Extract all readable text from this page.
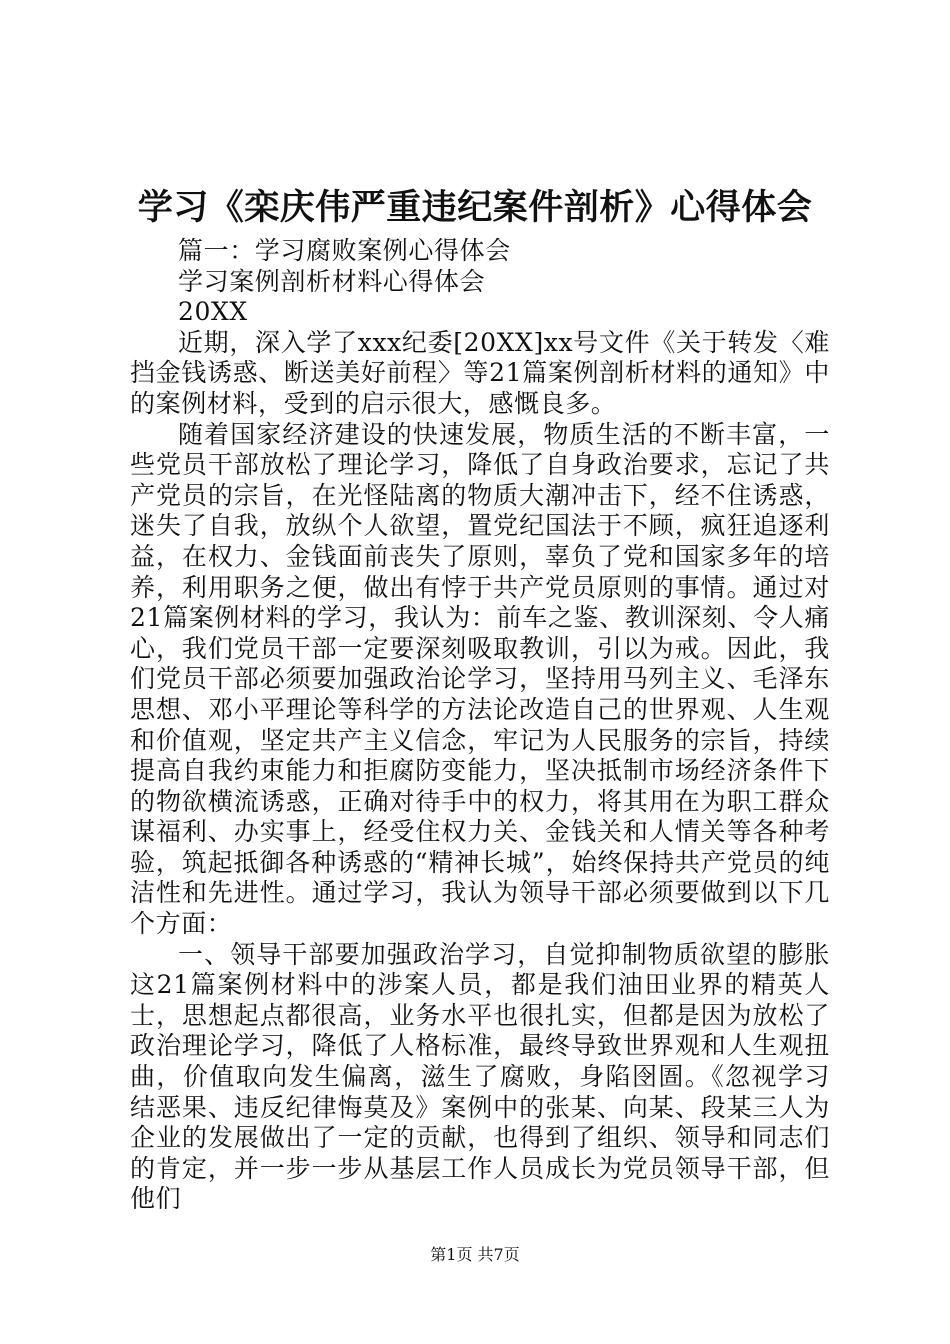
学习《栾庆伟严重违纪案件剖析》心得体会

篇一：学习腐败案例心得体会

学习案例剖析材料心得体会

20XX

近期，深入学了xxx纪委[20XX]xx号文件《关于转发〈难挡金钱诱惑、断送美好前程〉等21篇案例剖析材料的通知》中的案例材料，受到的启示很大，感慨良多。

随着国家经济建设的快速发展，物质生活的不断丰富，一些党员干部放松了理论学习，降低了自身政治要求，忘记了共产党员的宗旨，在光怪陆离的物质大潮冲击下，经不住诱惑，迷失了自我，放纵个人欲望，置党纪国法于不顾，疯狂追逐利益，在权力、金钱面前丧失了原则，辜负了党和国家多年的培养，利用职务之便，做出有悖于共产党员原则的事情。通过对21篇案例材料的学习，我认为：前车之鉴、教训深刻、令人痛心，我们党员干部一定要深刻吸取教训，引以为戒。因此，我们党员干部必须要加强政治论学习，坚持用马列主义、毛泽东思想、邓小平理论等科学的方法论改造自己的世界观、人生观和价值观，坚定共产主义信念，牢记为人民服务的宗旨，持续提高自我约束能力和拒腐防变能力，坚决抵制市场经济条件下的物欲横流诱惑，正确对待手中的权力，将其用在为职工群众谋福利、办实事上，经受住权力关、金钱关和人情关等各种考验，筑起抵御各种诱惑的“精神长城”，始终保持共产党员的纯洁性和先进性。通过学习，我认为领导干部必须要做到以下几个方面：

一、领导干部要加强政治学习，自觉抑制物质欲望的膨胀这21篇案例材料中的涉案人员，都是我们油田业界的精英人士，思想起点都很高，业务水平也很扎实，但都是因为放松了政治理论学习，降低了人格标准，最终导致世界观和人生观扭曲，价值取向发生偏离，滋生了腐败，身陷囹圄。《忽视学习结恶果、违反纪律悔莫及》案例中的张某、向某、段某三人为企业的发展做出了一定的贡献，也得到了组织、领导和同志们的肯定，并一步一步从基层工作人员成长为党员领导干部，但他们

第1页 共7页
